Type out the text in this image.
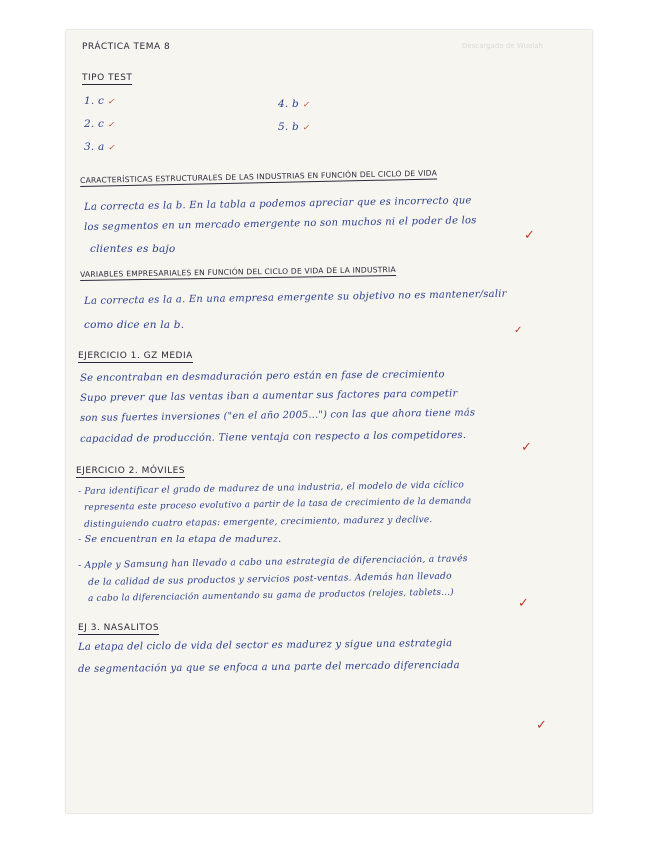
Descargado de Wuolah
PRÁCTICA TEMA 8
TIPO TEST
1. c ✓
2. c ✓
3. a ✓
4. b ✓
5. b ✓
CARACTERÍSTICAS ESTRUCTURALES DE LAS INDUSTRIAS EN FUNCIÓN DEL CICLO DE VIDA
La correcta es la b. En la tabla a podemos apreciar que es incorrecto que
los segmentos en un mercado emergente no son muchos ni el poder de los
clientes es bajo
✓
VARIABLES EMPRESARIALES EN FUNCIÓN DEL CICLO DE VIDA DE LA INDUSTRIA
La correcta es la a. En una empresa emergente su objetivo no es mantener/salir
como dice en la b.	✓
EJERCICIO 1. GZ MEDIA
Se encontraban en desmaduración pero están en fase de crecimiento
Supo prever que las ventas iban a aumentar sus factores para competir
son sus fuertes inversiones ("en el año 2005...") con las que ahora tiene más
capacidad de producción. Tiene ventaja con respecto a los competidores.
✓
EJERCICIO 2. MÓVILES
- Para identificar el grado de madurez de una industria, el modelo de vida cíclico
representa este proceso evolutivo a partir de la tasa de crecimiento de la demanda
distinguiendo cuatro etapas: emergente, crecimiento, madurez y declive.
- Se encuentran en la etapa de madurez.
- Apple y Samsung han llevado a cabo una estrategia de diferenciación, a través
de la calidad de sus productos y servicios post-ventas. Además han llevado
a cabo la diferenciación aumentando su gama de productos (relojes, tablets...)	✓
EJ 3. NASALITOS
La etapa del ciclo de vida del sector es madurez y sigue una estrategia
de segmentación ya que se enfoca a una parte del mercado diferenciada
✓
